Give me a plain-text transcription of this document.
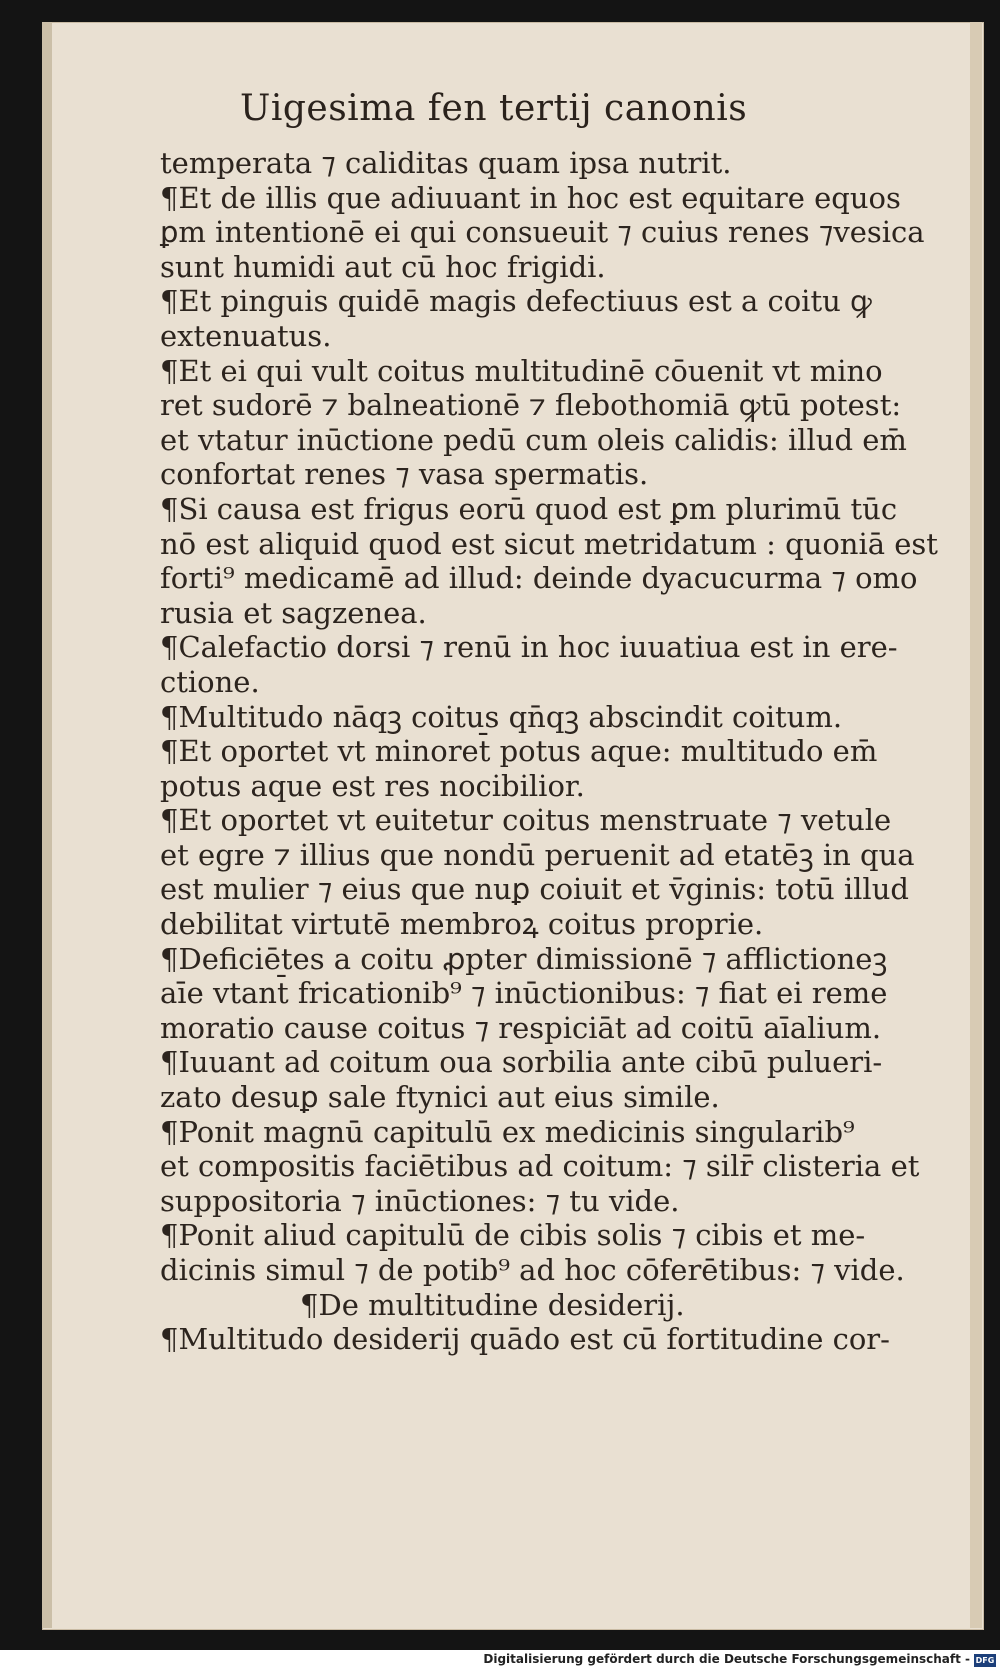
Uigesima fen tertij canonis
temperata ⁊ caliditas quam ipsa nutrit.
¶Et de illis que adiuuant in hoc est equitare equos
ꝑm intentionē ei qui consueuit ⁊ cuius renes ⁊vesica
sunt humidi aut cū hoc frigidi.
¶Et pinguis quidē magis defectiuus est a coitu ꝙ
extenuatus.
¶Et ei qui vult coitus multitudinē cōuenit vt mino
ret sudorē ⁊ balneationē ⁊ flebothomiā ꝙtū potest:
et vtatur inūctione pedū cum oleis calidis: illud em̄
confortat renes ⁊ vasa spermatis.
¶Si causa est frigus eorū quod est ꝑm plurimū tūc
nō est aliquid quod est sicut metridatum : quoniā est
forti⁹ medicamē ad illud: deinde dyacucurma ⁊ omo
rusia et sagzenea.
¶Calefactio dorsi ⁊ renū in hoc iuuatiua est in ere-
ctione.
¶Multitudo nāqꝫ coitus qn̄qꝫ abscindit coitum.
¶Et oportet vt minoret̄ potus aque: multitudo em̄
potus aque est res nocibilior.
¶Et oportet vt euitetur coitus menstruate ⁊ vetule
et egre ⁊ illius que nondū peruenit ad etatēꝫ in qua
est mulier ⁊ eius que nuꝑ coiuit et v̄ginis: totū illud
debilitat virtutē membroꝝ coitus proprie.
¶Deficiētes a coitu ꝓpter dimissionē ⁊ afflictioneꝫ
aīe vtant̄ fricationib⁹ ⁊ inūctionibus: ⁊ fiat ei reme
moratio cause coitus ⁊ respiciāt ad coitū aīalium.
¶Iuuant ad coitum oua sorbilia ante cibū pulueri-
zato desuꝑ sale ftynici aut eius simile.
¶Ponit magnū capitulū ex medicinis singularib⁹
et compositis faciētibus ad coitum: ⁊ silr̄ clisteria et
suppositoria ⁊ inūctiones: ⁊ tu vide.
¶Ponit aliud capitulū de cibis solis ⁊ cibis et me-
dicinis simul ⁊ de potib⁹ ad hoc cōferētibus: ⁊ vide.
¶De multitudine desiderij.
¶Multitudo desiderij quādo est cū fortitudine cor-
Digitalisierung gefördert durch die Deutsche Forschungsgemeinschaft - DFG
